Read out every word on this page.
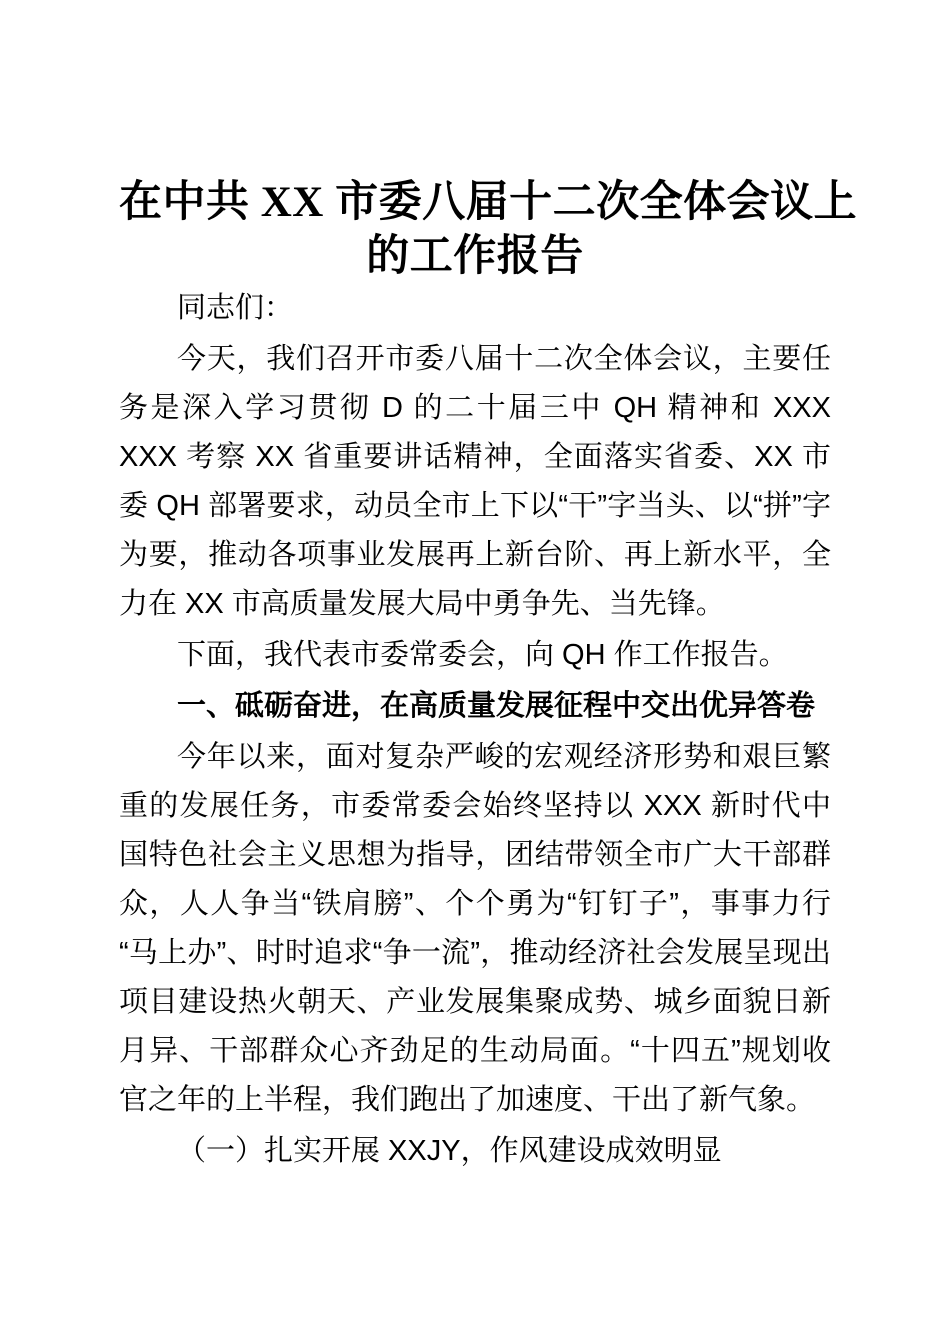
在中共 XX 市委八届十二次全体会议上
的工作报告

同志们：

今天，我们召开市委八届十二次全体会议，主要任务是深入学习贯彻 D 的二十届三中 QH 精神和 XXX XXX 考察 XX 省重要讲话精神，全面落实省委、XX 市委 QH 部署要求，动员全市上下以“干”字当头、以“拼”字为要，推动各项事业发展再上新台阶、再上新水平，全力在 XX 市高质量发展大局中勇争先、当先锋。

下面，我代表市委常委会，向 QH 作工作报告。

一、砥砺奋进，在高质量发展征程中交出优异答卷

今年以来，面对复杂严峻的宏观经济形势和艰巨繁重的发展任务，市委常委会始终坚持以 XXX 新时代中国特色社会主义思想为指导，团结带领全市广大干部群众，人人争当“铁肩膀”、个个勇为“钉钉子”，事事力行“马上办”、时时追求“争一流”，推动经济社会发展呈现出项目建设热火朝天、产业发展集聚成势、城乡面貌日新月异、干部群众心齐劲足的生动局面。“十四五”规划收官之年的上半程，我们跑出了加速度、干出了新气象。

（一）扎实开展 XXJY，作风建设成效明显
